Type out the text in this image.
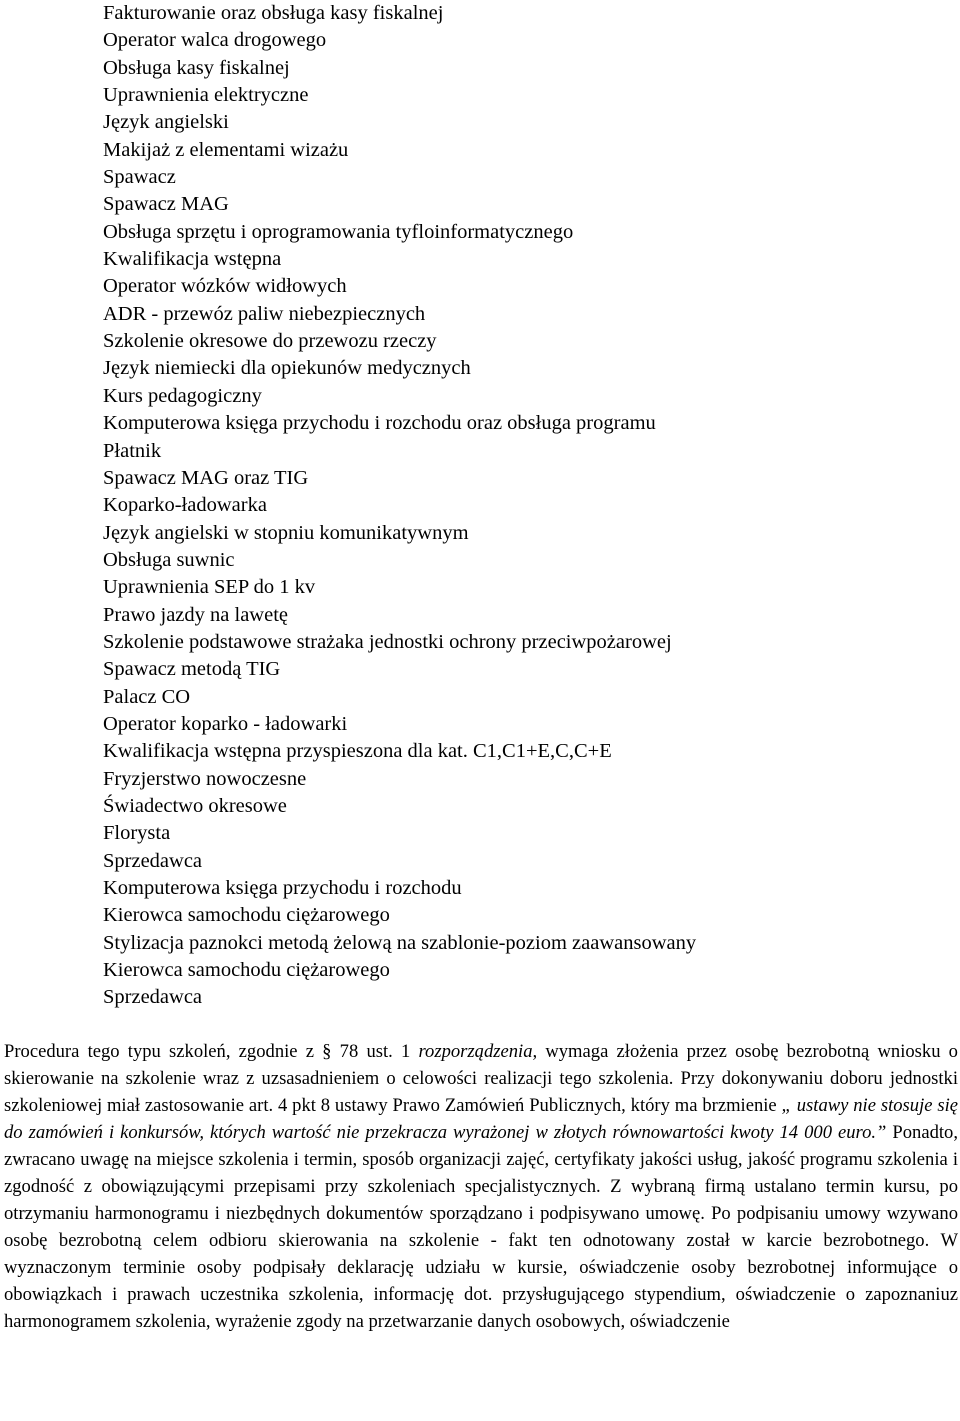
Fakturowanie oraz obsługa kasy fiskalnej
Operator walca drogowego
Obsługa kasy fiskalnej
Uprawnienia elektryczne
Język angielski
Makijaż z elementami wizażu
Spawacz
Spawacz MAG
Obsługa sprzętu i oprogramowania tyfloinformatycznego
Kwalifikacja wstępna
Operator wózków widłowych
ADR - przewóz paliw niebezpiecznych
Szkolenie okresowe do przewozu rzeczy
Język niemiecki dla opiekunów medycznych
Kurs pedagogiczny
Komputerowa księga przychodu i rozchodu oraz obsługa programu
Płatnik
Spawacz MAG oraz TIG
Koparko-ładowarka
Język angielski w stopniu komunikatywnym
Obsługa suwnic
Uprawnienia SEP do 1 kv
Prawo jazdy na lawetę
Szkolenie podstawowe strażaka jednostki ochrony przeciwpożarowej
Spawacz metodą TIG
Palacz CO
Operator koparko - ładowarki
Kwalifikacja wstępna przyspieszona dla kat. C1,C1+E,C,C+E
Fryzjerstwo nowoczesne
Świadectwo okresowe
Florysta
Sprzedawca
Komputerowa księga przychodu i rozchodu
Kierowca samochodu ciężarowego
Stylizacja paznokci metodą żelową na szablonie-poziom zaawansowany
Kierowca samochodu ciężarowego
Sprzedawca

Procedura tego typu szkoleń, zgodnie z § 78 ust. 1 rozporządzenia, wymaga złożenia przez osobę bezrobotną wniosku o skierowanie na szkolenie wraz z uzsasadnieniem o celowości realizacji tego szkolenia. Przy dokonywaniu doboru jednostki szkoleniowej miał zastosowanie art. 4 pkt 8 ustawy Prawo Zamówień Publicznych, który ma brzmienie „ ustawy nie stosuje się do zamówień i konkursów, których wartość nie przekracza wyrażonej w złotych równowartości kwoty 14 000 euro.” Ponadto, zwracano uwagę na miejsce szkolenia i termin, sposób organizacji zajęć, certyfikaty jakości usług, jakość programu szkolenia i zgodność z obowiązującymi przepisami przy szkoleniach specjalistycznych. Z wybraną firmą ustalano termin kursu, po otrzymaniu harmonogramu i niezbędnych dokumentów sporządzano i podpisywano umowę. Po podpisaniu umowy wzywano osobę bezrobotną celem odbioru skierowania na szkolenie - fakt ten odnotowany został w karcie bezrobotnego. W wyznaczonym terminie osoby podpisały deklarację udziału w kursie, oświadczenie osoby bezrobotnej informujące o obowiązkach i prawach uczestnika szkolenia, informację dot. przysługującego stypendium, oświadczenie o zapoznaniuz harmonogramem szkolenia, wyrażenie zgody na przetwarzanie danych osobowych, oświadczenie
